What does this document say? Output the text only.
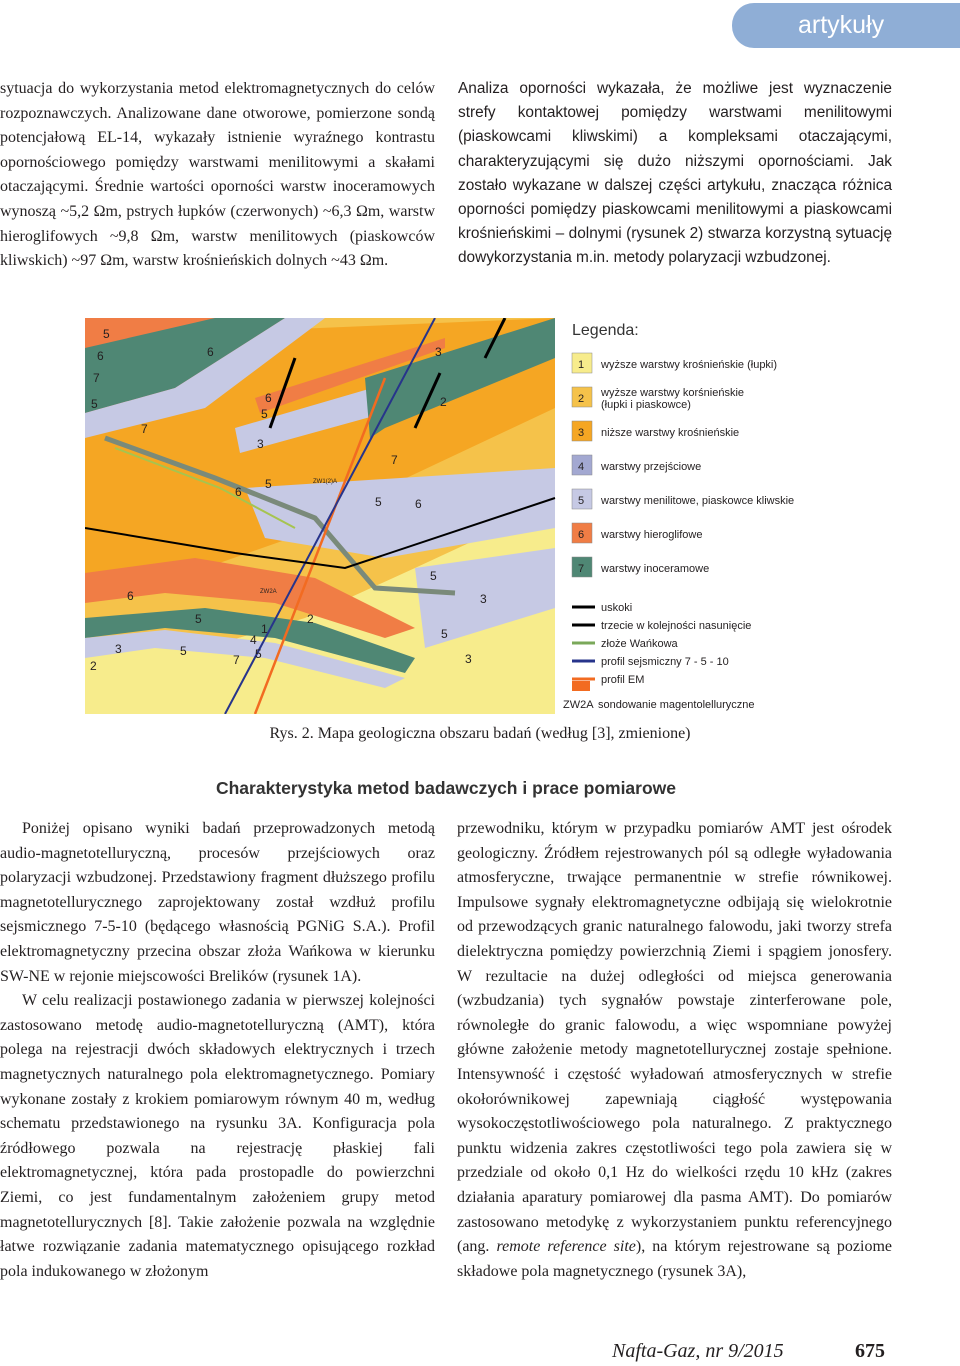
artykuły

sytuacja do wykorzystania metod elektromagnetycznych do celów rozpoznawczych. Analizowane dane otworowe, pomierzone sondą potencjałową EL-14, wykazały istnienie wyraźnego kontrastu opornościowego pomiędzy warstwami menilitowymi a skałami otaczającymi. Średnie wartości oporności warstw inoceramowych wynoszą ~5,2 Ωm, pstrych łupków (czerwonych) ~6,3 Ωm, warstw hieroglifowych ~9,8 Ωm, warstw menilitowych (piaskowców kliwskich) ~97 Ωm, warstw krośnieńskich dolnych ~43 Ωm.

Analiza oporności wykazała, że możliwe jest wyznaczenie strefy kontaktowej pomiędzy warstwami menilitowymi (piaskowcami kliwskimi) a kompleksami otaczającymi, charakteryzującymi się dużo niższymi opornościami. Jak zostało wykazane w dalszej części artykułu, znacząca różnica oporności pomiędzy piaskowcami menilitowymi a piaskowcami krośnieńskimi – dolnymi (rysunek 2) stwarza korzystną sytuację dowykorzystania m.in. metody polaryzacji wzbudzonej.

5
6	6	3
7
5	6	2
5
7
3
7
6
5
6
5
5
3
6
2
5
1
4
3	5
7
5
3
2
5
ZW1(2)A
ZW2A
Legenda:
1 wyższe warstwy krośnieńskie (łupki)
2 wyższe warstwy korśnieńskie
(łupki i piaskowce)
3 niższe warstwy krośnieńskie
4 warstwy przejściowe
5 warstwy menilitowe, piaskowce kliwskie
6 warstwy hieroglifowe
7 warstwy inoceramowe
uskoki
trzecie w kolejności nasunięcie
złoże Wańkowa
profil sejsmiczny 7 - 5 - 10
profil EM
ZW2A sondowanie magentolelluryczne
Rys. 2. Mapa geologiczna obszaru badań (według [3], zmienione)
Charakterystyka metod badawczych i prace pomiarowe

Poniżej opisano wyniki badań przeprowadzonych metodą audio-magnetotelluryczną, procesów przejściowych oraz polaryzacji wzbudzonej. Przedstawiony fragment dłuższego profilu magnetotellurycznego zaprojektowany został wzdłuż profilu sejsmicznego 7-5-10 (będącego własnością PGNiG S.A.). Profil elektromagnetyczny przecina obszar złoża Wańkowa w kierunku SW-NE w rejonie miejscowości Brelików (rysunek 1A).

W celu realizacji postawionego zadania w pierwszej kolejności zastosowano metodę audio-magnetotelluryczną (AMT), która polega na rejestracji dwóch składowych elektrycznych i trzech magnetycznych naturalnego pola elektromagnetycznego. Pomiary wykonane zostały z krokiem pomiarowym równym 40 m, według schematu przedstawionego na rysunku 3A. Konfiguracja pola źródłowego pozwala na rejestrację płaskiej fali elektromagnetycznej, która pada prostopadle do powierzchni Ziemi, co jest fundamentalnym założeniem grupy metod magnetotellurycznych [8]. Takie założenie pozwala na względnie łatwe rozwiązanie zadania matematycznego opisującego rozkład pola indukowanego w złożonym

przewodniku, którym w przypadku pomiarów AMT jest ośrodek geologiczny. Źródłem rejestrowanych pól są odległe wyładowania atmosferyczne, trwające permanentnie w strefie równikowej. Impulsowe sygnały elektromagnetyczne odbijają się wielokrotnie od przewodzących granic naturalnego falowodu, jaki tworzy strefa dielektryczna pomiędzy powierzchnią Ziemi i spągiem jonosfery. W rezultacie na dużej odległości od miejsca generowania (wzbudzania) tych sygnałów powstaje zinterferowane pole, równoległe do granic falowodu, a więc wspomniane powyżej główne założenie metody magnetotellurycznej zostaje spełnione. Intensywność i częstość wyładowań atmosferycznych w strefie okołorównikowej zapewniają ciągłość występowania wysokoczęstotliwościowego pola naturalnego. Z praktycznego punktu widzenia zakres częstotliwości tego pola zawiera się w przedziale od około 0,1 Hz do wielkości rzędu 10 kHz (zakres działania aparatury pomiarowej dla pasma AMT). Do pomiarów zastosowano metodykę z wykorzystaniem punktu referencyjnego (ang. remote reference site), na którym rejestrowane są poziome składowe pola magnetycznego (rysunek 3A),

Nafta-Gaz, nr 9/2015	675
